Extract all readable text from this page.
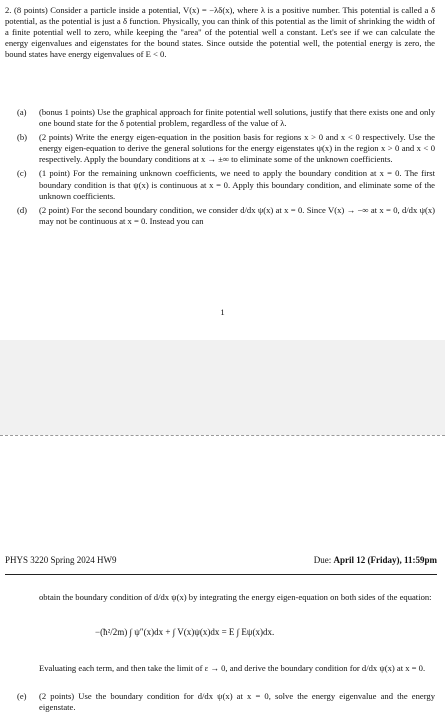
2. (8 points) Consider a particle inside a potential, V(x) = −λδ(x), where λ is a positive number. This potential is called a δ potential, as the potential is just a δ function. Physically, you can think of this potential as the limit of shrinking the width of a finite potential well to zero, while keeping the "area" of the potential well a constant. Let's see if we can calculate the energy eigenvalues and eigenstates for the bound states. Since outside the potential well, the potential energy is zero, the bound states have energy eigenvalues of E < 0.
(a) (bonus 1 points) Use the graphical approach for finite potential well solutions, justify that there exists one and only one bound state for the δ potential problem, regardless of the value of λ.
(b) (2 points) Write the energy eigen-equation in the position basis for regions x > 0 and x < 0 respectively. Use the energy eigen-equation to derive the general solutions for the energy eigenstates ψ(x) in the region x > 0 and x < 0 respectively. Apply the boundary conditions at x → ±∞ to eliminate some of the unknown coefficients.
(c) (1 point) For the remaining unknown coefficients, we need to apply the boundary condition at x = 0. The first boundary condition is that ψ(x) is continuous at x = 0. Apply this boundary condition, and eliminate some of the unknown coefficients.
(d) (2 point) For the second boundary condition, we consider d/dx ψ(x) at x = 0. Since V(x) → −∞ at x = 0, d/dx ψ(x) may not be continuous at x = 0. Instead you can
1
PHYS 3220 Spring 2024 HW9	Due: April 12 (Friday), 11:59pm
obtain the boundary condition of d/dx ψ(x) by integrating the energy eigen-equation on both sides of the equation:
−(ħ²/2m) ∫ ψ″(x)dx + ∫ V(x)ψ(x)dx = E ∫ Eψ(x)dx.
Evaluating each term, and then take the limit of ε → 0, and derive the boundary condition for d/dx ψ(x) at x = 0.
(e) (2 points) Use the boundary condition for d/dx ψ(x) at x = 0, solve the energy eigenvalue and the energy eigenstate.
